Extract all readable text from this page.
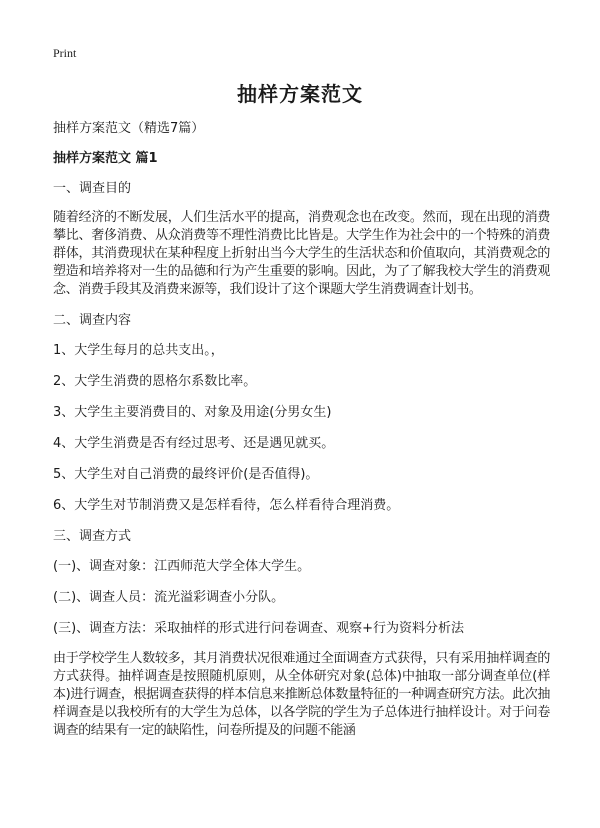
Print
抽样方案范文

抽样方案范文（精选7篇）

抽样方案范文 篇1

一、调查目的

随着经济的不断发展，人们生活水平的提高，消费观念也在改变。然而，现在出现的消费攀比、奢侈消费、从众消费等不理性消费比比皆是。大学生作为社会中的一个特殊的消费群体，其消费现状在某种程度上折射出当今大学生的生活状态和价值取向，其消费观念的塑造和培养将对一生的品德和行为产生重要的影响。因此，为了了解我校大学生的消费观念、消费手段其及消费来源等，我们设计了这个课题大学生消费调查计划书。

二、调查内容

1、大学生每月的总共支出。，

2、大学生消费的恩格尔系数比率。

3、大学生主要消费目的、对象及用途(分男女生)

4、大学生消费是否有经过思考、还是遇见就买。

5、大学生对自己消费的最终评价(是否值得)。

6、大学生对节制消费又是怎样看待，怎么样看待合理消费。

三、调查方式

(一)、调查对象：江西师范大学全体大学生。

(二)、调查人员：流光溢彩调查小分队。

(三)、调查方法：采取抽样的形式进行问卷调查、观察+行为资料分析法

由于学校学生人数较多，其月消费状况很难通过全面调查方式获得，只有采用抽样调查的方式获得。抽样调查是按照随机原则，从全体研究对象(总体)中抽取一部分调查单位(样本)进行调查，根据调查获得的样本信息来推断总体数量特征的一种调查研究方法。此次抽样调查是以我校所有的大学生为总体，以各学院的学生为子总体进行抽样设计。对于问卷调查的结果有一定的缺陷性，问卷所提及的问题不能涵
